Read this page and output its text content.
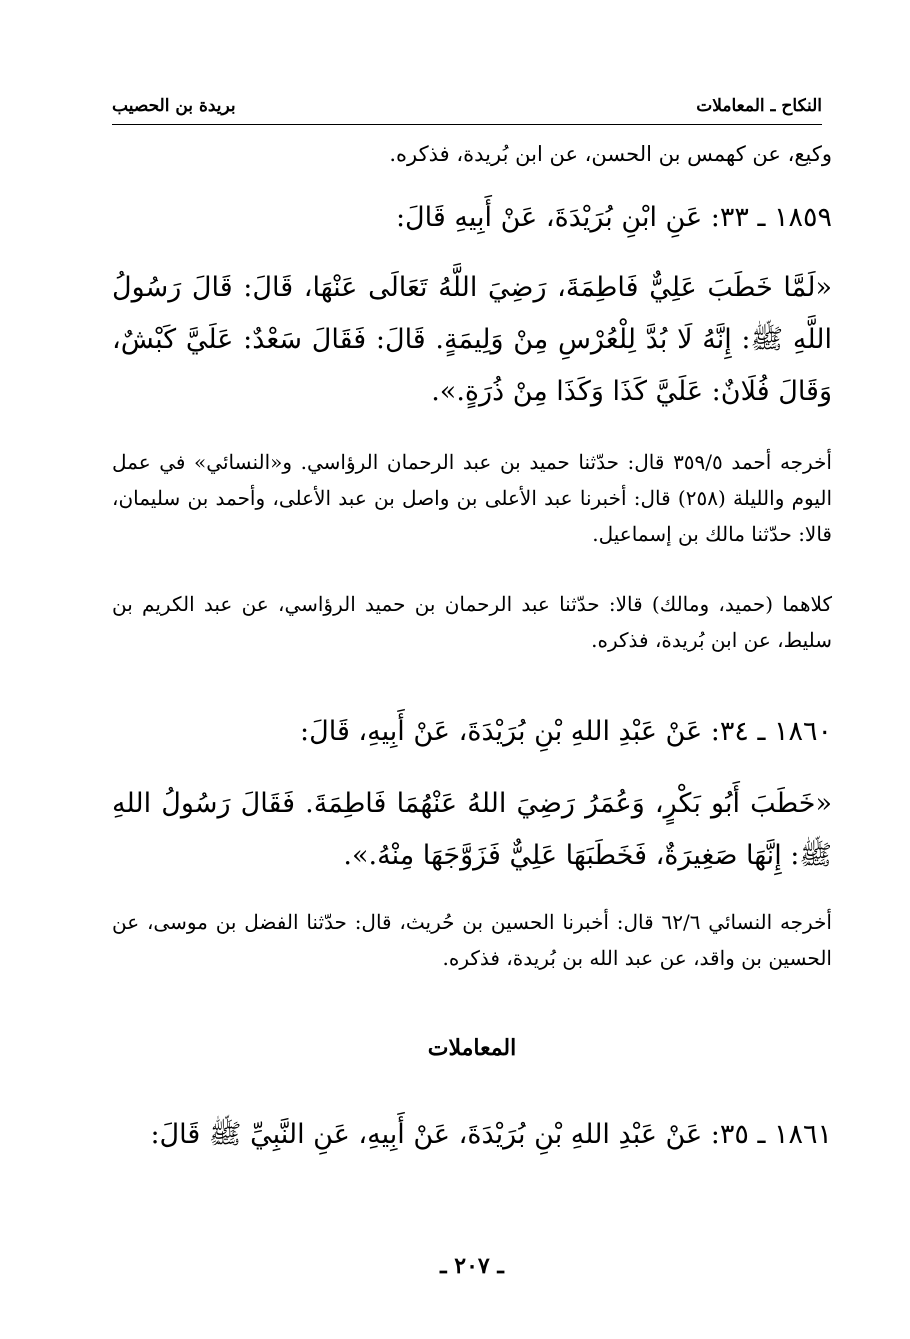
النكاح ـ المعاملات
بريدة بن الحصيب

وكيع، عن كهمس بن الحسن، عن ابن بُريدة، فذكره.

١٨٥٩ ـ ٣٣: عَنِ ابْنِ بُرَيْدَةَ، عَنْ أَبِيهِ قَالَ:

«لَمَّا خَطَبَ عَلِيٌّ فَاطِمَةَ، رَضِيَ اللَّهُ تَعَالَى عَنْهَا، قَالَ: قَالَ رَسُولُ اللَّهِ ﷺ: إِنَّهُ لَا بُدَّ لِلْعُرْسِ مِنْ وَلِيمَةٍ. قَالَ: فَقَالَ سَعْدٌ: عَلَيَّ كَبْشٌ، وَقَالَ فُلَانٌ: عَلَيَّ كَذَا وَكَذَا مِنْ ذُرَةٍ.».

أخرجه أحمد ٣٥٩/٥ قال: حدّثنا حميد بن عبد الرحمان الرؤاسي. و«النسائي» في عمل اليوم والليلة (٢٥٨) قال: أخبرنا عبد الأعلى بن واصل بن عبد الأعلى، وأحمد بن سليمان، قالا: حدّثنا مالك بن إسماعيل.

كلاهما (حميد، ومالك) قالا: حدّثنا عبد الرحمان بن حميد الرؤاسي، عن عبد الكريم بن سليط، عن ابن بُريدة، فذكره.

١٨٦٠ ـ ٣٤: عَنْ عَبْدِ اللهِ بْنِ بُرَيْدَةَ، عَنْ أَبِيهِ، قَالَ:

«خَطَبَ أَبُو بَكْرٍ، وَعُمَرُ رَضِيَ اللهُ عَنْهُمَا فَاطِمَةَ. فَقَالَ رَسُولُ اللهِ ﷺ: إِنَّهَا صَغِيرَةٌ، فَخَطَبَهَا عَلِيٌّ فَزَوَّجَهَا مِنْهُ.».

أخرجه النسائي ٦٢/٦ قال: أخبرنا الحسين بن حُريث، قال: حدّثنا الفضل بن موسى، عن الحسين بن واقد، عن عبد الله بن بُريدة، فذكره.

المعاملات

١٨٦١ ـ ٣٥: عَنْ عَبْدِ اللهِ بْنِ بُرَيْدَةَ، عَنْ أَبِيهِ، عَنِ النَّبِيِّ ﷺ قَالَ:

ـ ٢٠٧ ـ
